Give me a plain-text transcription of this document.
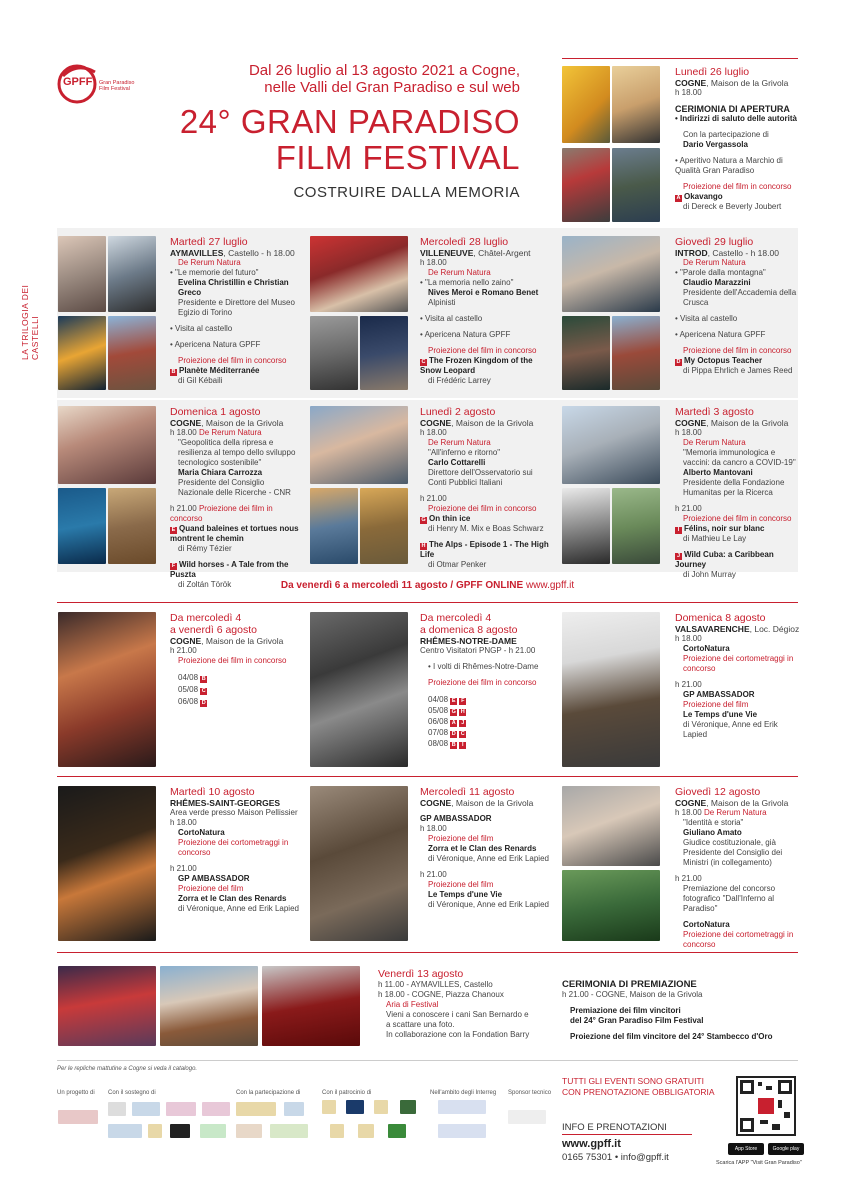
GPFF Gran Paradiso
Film Festival
Dal 26 luglio al 13 agosto 2021 a Cogne,
nelle Valli del Gran Paradiso e sul web
24° GRAN PARADISO
FILM FESTIVAL
COSTRUIRE DALLA MEMORIA
Lunedì 26 luglio
COGNE, Maison de la Grivola
h 18.00
CERIMONIA DI APERTURA
• Indirizzi di saluto delle autorità
Con la partecipazione di
Dario Vergassola
• Aperitivo Natura a Marchio di Qualità Gran Paradiso
Proiezione del film in concorso
A Okavango
di Dereck e Beverly Joubert
LA TRILOGIA DEI CASTELLI
Martedì 27 luglio
AYMAVILLES, Castello - h 18.00
De Rerum Natura
• "Le memorie del futuro"
Evelina Christillin e Christian Greco
Presidente e Direttore del Museo Egizio di Torino
• Visita al castello
• Apericena Natura GPFF
Proiezione del film in concorso
B Planète Méditerranée
di Gil Kébaili
Mercoledì 28 luglio
VILLENEUVE, Châtel-Argent
h 18.00
De Rerum Natura
• "La memoria nello zaino"
Nives Meroi e Romano Benet
Alpinisti
• Visita al castello
• Apericena Natura GPFF
Proiezione del film in concorso
C The Frozen Kingdom of the Snow Leopard
di Frédéric Larrey
Giovedì 29 luglio
INTROD, Castello - h 18.00
De Rerum Natura
• "Parole dalla montagna"
Claudio Marazzini
Presidente dell'Accademia della Crusca
• Visita al castello
• Apericena Natura GPFF
Proiezione del film in concorso
D My Octopus Teacher
di Pippa Ehrlich e James Reed
Domenica 1 agosto
COGNE, Maison de la Grivola
h 18.00 De Rerum Natura
"Geopolitica della ripresa e resilienza al tempo dello sviluppo tecnologico sostenibile"
Maria Chiara Carrozza
Presidente del Consiglio Nazionale delle Ricerche - CNR
h 21.00 Proiezione dei film in concorso
E Quand baleines et tortues nous montrent le chemin
di Rémy Tézier
F Wild horses - A Tale from the Puszta
di Zoltán Török
Lunedì 2 agosto
COGNE, Maison de la Grivola
h 18.00
De Rerum Natura
"All'inferno e ritorno"
Carlo Cottarelli
Direttore dell'Osservatorio sui Conti Pubblici Italiani
h 21.00
Proiezione dei film in concorso
G On thin ice
di Henry M. Mix e Boas Schwarz
H The Alps - Episode 1 - The High Life
di Otmar Penker
Martedì 3 agosto
COGNE, Maison de la Grivola
h 18.00
De Rerum Natura
"Memoria immunologica e vaccini: da cancro a COVID-19"
Alberto Mantovani
Presidente della Fondazione Humanitas per la Ricerca
h 21.00
Proiezione dei film in concorso
I Félins, noir sur blanc
di Mathieu Le Lay
J Wild Cuba: a Caribbean Journey
di John Murray
Da venerdì 6 a mercoledì 11 agosto / GPFF ONLINE www.gpff.it
Da mercoledì 4
a venerdì 6 agosto
COGNE, Maison de la Grivola
h 21.00
Proiezione dei film in concorso
04/08 B
05/08 C
06/08 D
Da mercoledì 4
a domenica 8 agosto
RHÊMES-NOTRE-DAME
Centro Visitatori PNGP - h 21.00
• I volti di Rhêmes-Notre-Dame
Proiezione dei film in concorso
04/08 E F
05/08 G H
06/08 A J
07/08 D C
08/08 B I
Domenica 8 agosto
VALSAVARENCHE, Loc. Dégioz
h 18.00
CortoNatura
Proiezione dei cortometraggi in concorso
h 21.00
GP AMBASSADOR
Proiezione del film
Le Temps d'une Vie
di Véronique, Anne ed Erik Lapied
Martedì 10 agosto
RHÊMES-SAINT-GEORGES
Area verde presso Maison Pellissier
h 18.00
CortoNatura
Proiezione dei cortometraggi in concorso
h 21.00
GP AMBASSADOR
Proiezione del film
Zorra et le Clan des Renards
di Véronique, Anne ed Erik Lapied
Mercoledì 11 agosto
COGNE, Maison de la Grivola
GP AMBASSADOR
h 18.00
Proiezione del film
Zorra et le Clan des Renards
di Véronique, Anne ed Erik Lapied
h 21.00
Proiezione del film
Le Temps d'une Vie
di Véronique, Anne ed Erik Lapied
Giovedì 12 agosto
COGNE, Maison de la Grivola
h 18.00 De Rerum Natura
"Identità e storia"
Giuliano Amato
Giudice costituzionale, già Presidente del Consiglio dei Ministri (in collegamento)
h 21.00
Premiazione del concorso fotografico "Dall'Inferno al Paradiso"
CortoNatura
Proiezione dei cortometraggi in concorso
Venerdì 13 agosto
h 11.00 - AYMAVILLES, Castello
h 18.00 - COGNE, Piazza Chanoux
Aria di Festival
Vieni a conoscere i cani San Bernardo e
a scattare una foto.
In collaborazione con la Fondation Barry
CERIMONIA DI PREMIAZIONE
h 21.00 - COGNE, Maison de la Grivola
Premiazione dei film vincitori
del 24° Gran Paradiso Film Festival
Proiezione del film vincitore del 24° Stambecco d'Oro
Per le repliche mattutine a Cogne si veda il catalogo.
Un progetto di Con il sostegno di	Con la partecipazione di	Con il patrocinio di	Nell'ambito degli Interreg Sponsor tecnico
TUTTI GLI EVENTI SONO GRATUITI
CON PRENOTAZIONE OBBLIGATORIA
INFO E PRENOTAZIONI
www.gpff.it
0165 75301 • info@gpff.it
App Store	Google play
Scarica l'APP "Visit Gran Paradiso"
